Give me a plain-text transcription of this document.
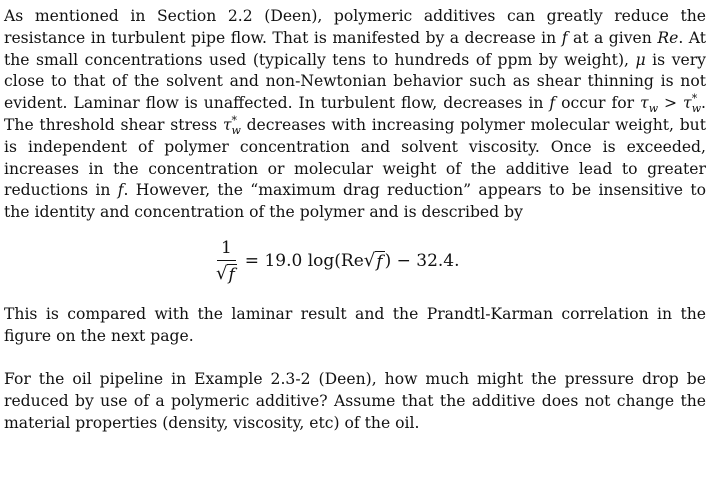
As mentioned in Section 2.2 (Deen), polymeric additives can greatly reduce the resistance in turbulent pipe flow. That is manifested by a decrease in f at a given Re. At the small concentrations used (typically tens to hundreds of ppm by weight), μ is very close to that of the solvent and non-Newtonian behavior such as shear thinning is not evident. Laminar flow is unaffected. In turbulent flow, decreases in f occur for $\tau_w > \tau^*_w$. The threshold shear stress $\tau^*_w$ decreases with increasing polymer molecular weight, but is independent of polymer concentration and solvent viscosity. Once is exceeded, increases in the concentration or molecular weight of the additive lead to greater reductions in f. However, the “maximum drag reduction” appears to be insensitive to the identity and concentration of the polymer and is described by

$\frac{1}{√ f}$ =
19.0
log ( Re √ f )
−
32.4.

This is compared with the laminar result and the Prandtl-Karman correlation in the figure on the next page.

For the oil pipeline in Example 2.3-2 (Deen), how much might the pressure drop be reduced by use of a polymeric additive? Assume that the additive does not change the material properties (density, viscosity, etc) of the oil.
